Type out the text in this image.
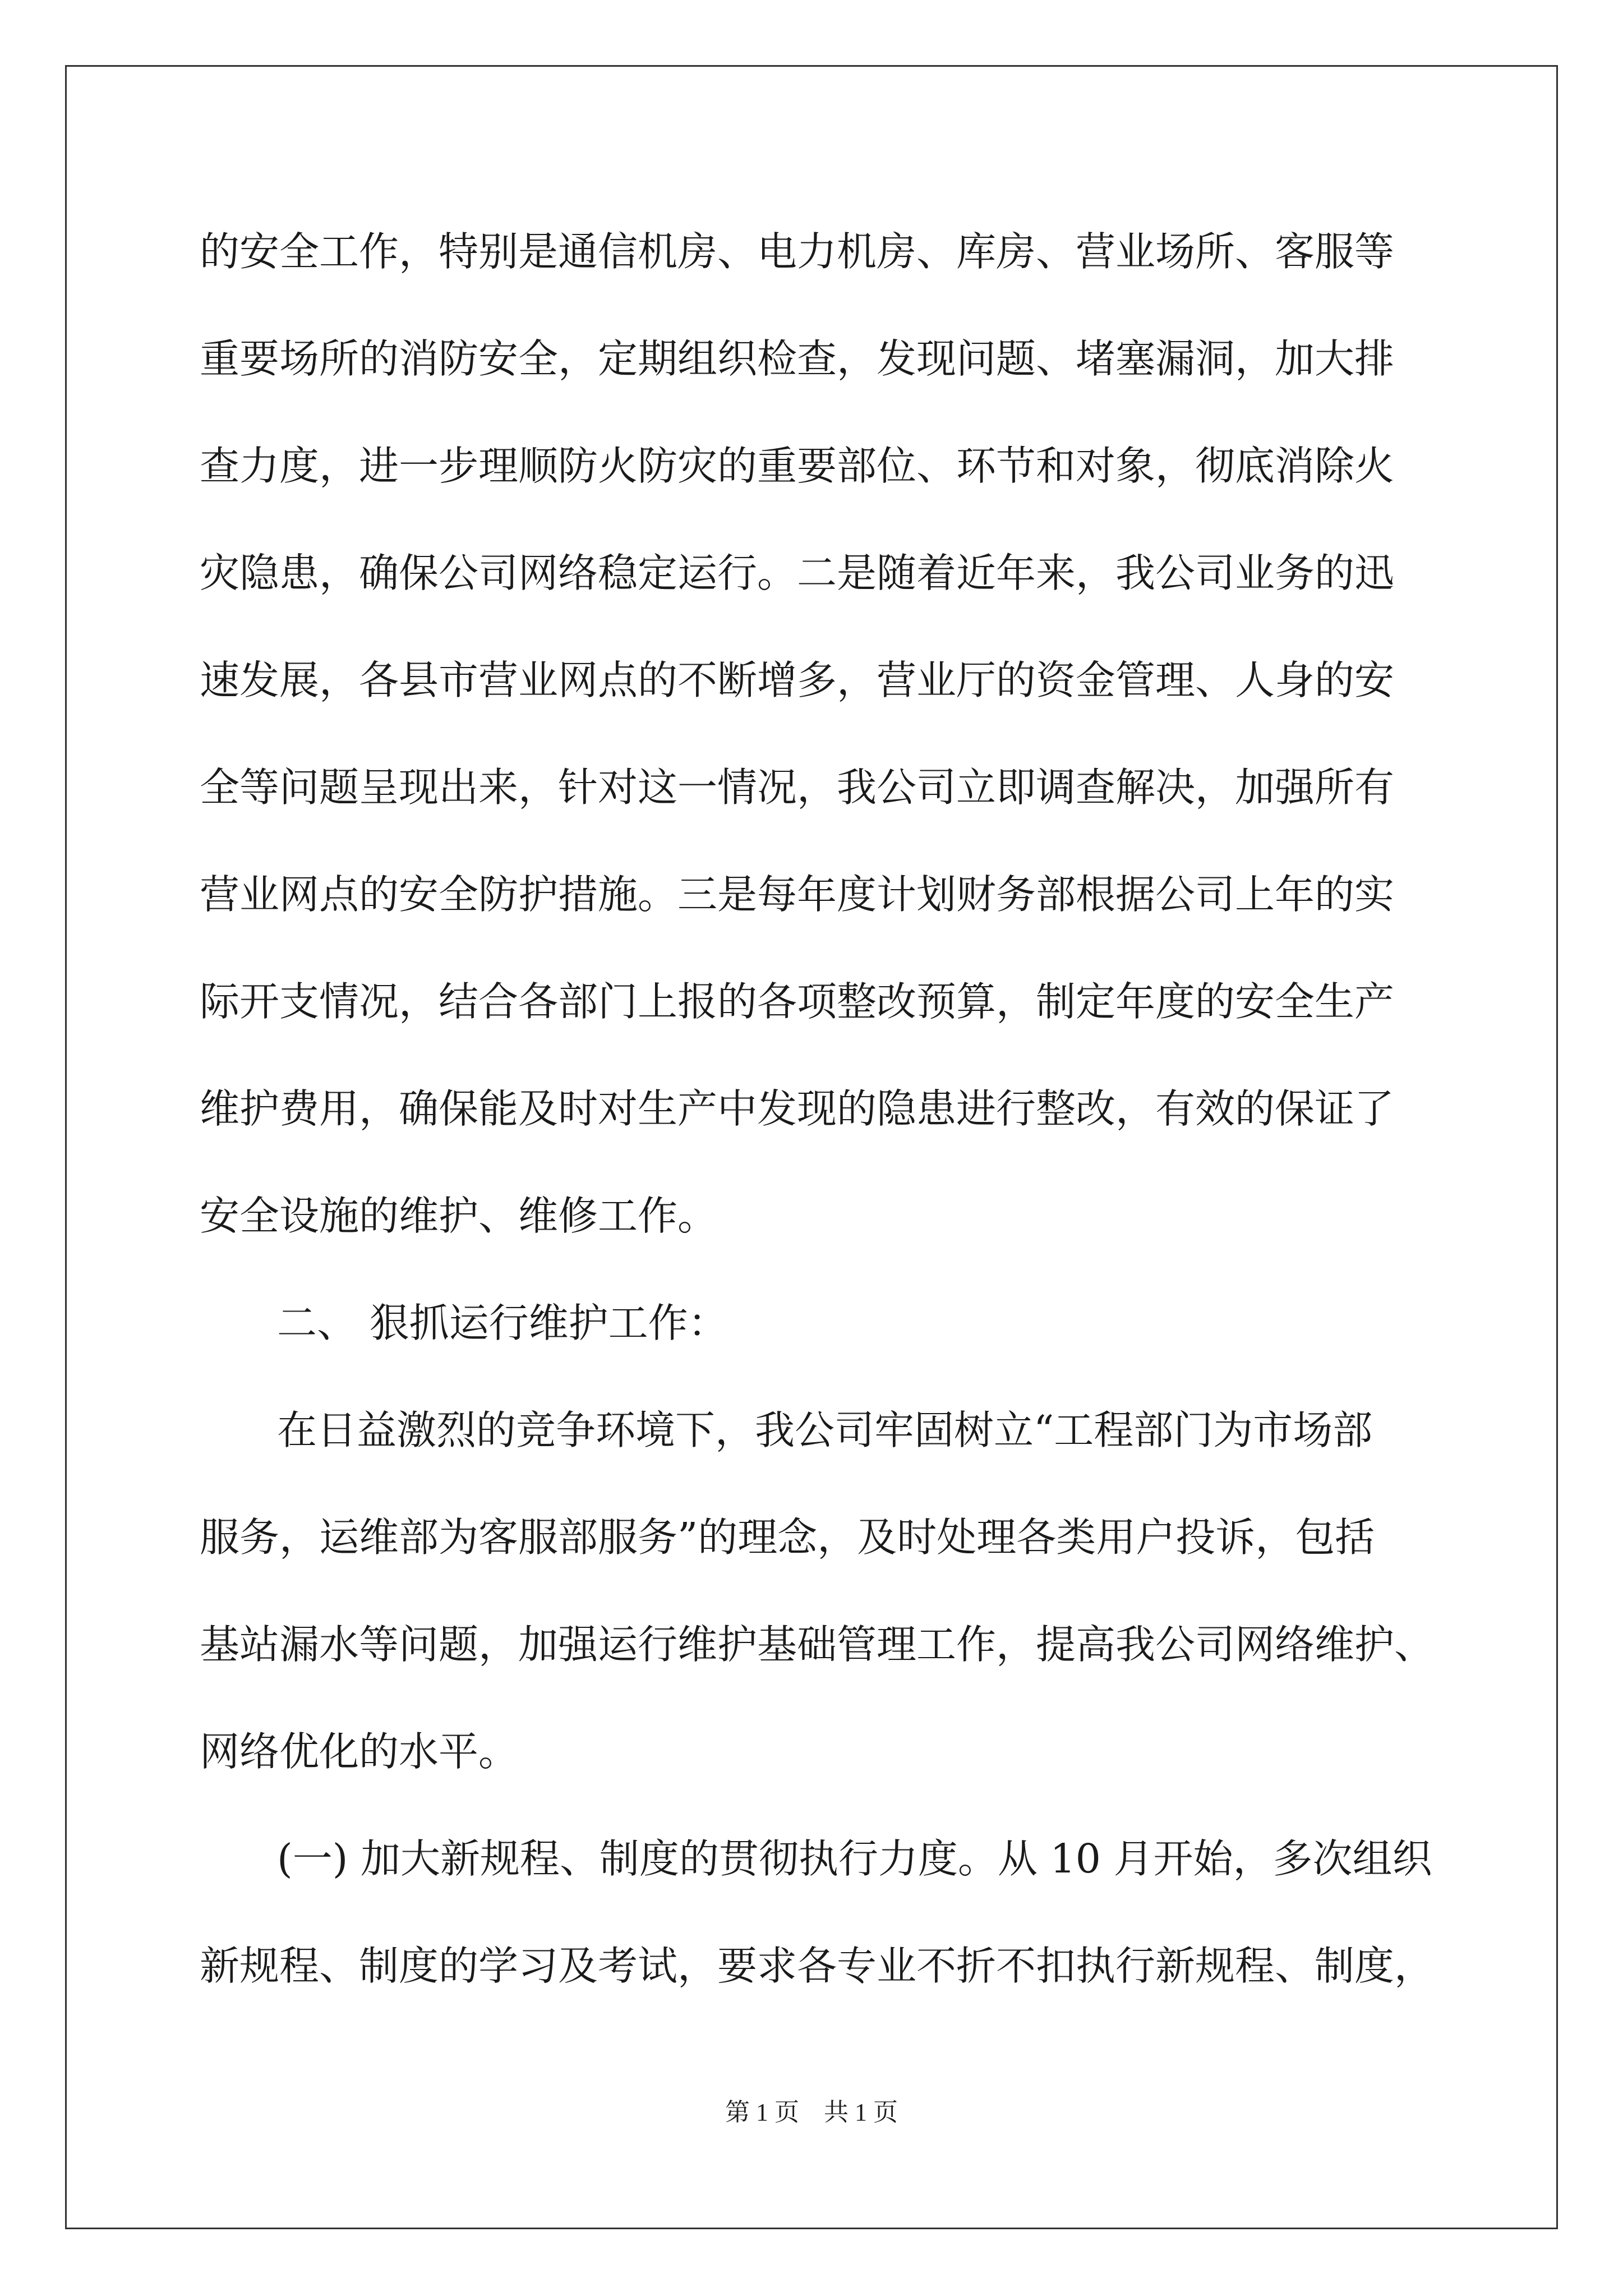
的安全工作，特别是通信机房、电力机房、库房、营业场所、客服等
重要场所的消防安全，定期组织检查，发现问题、堵塞漏洞，加大排
查力度，进一步理顺防火防灾的重要部位、环节和对象，彻底消除火
灾隐患，确保公司网络稳定运行。二是随着近年来，我公司业务的迅
速发展，各县市营业网点的不断增多，营业厅的资金管理、人身的安
全等问题呈现出来，针对这一情况，我公司立即调查解决，加强所有
营业网点的安全防护措施。三是每年度计划财务部根据公司上年的实
际开支情况，结合各部门上报的各项整改预算，制定年度的安全生产
维护费用，确保能及时对生产中发现的隐患进行整改，有效的保证了
安全设施的维护、维修工作。
二、 狠抓运行维护工作：
在日益激烈的竞争环境下，我公司牢固树立“工程部门为市场部
服务，运维部为客服部服务”的理念，及时处理各类用户投诉，包括
基站漏水等问题，加强运行维护基础管理工作，提高我公司网络维护、
网络优化的水平。
(一) 加大新规程、制度的贯彻执行力度。从 10 月开始，多次组织
新规程、制度的学习及考试，要求各专业不折不扣执行新规程、制度，
第 1 页　共 1 页
